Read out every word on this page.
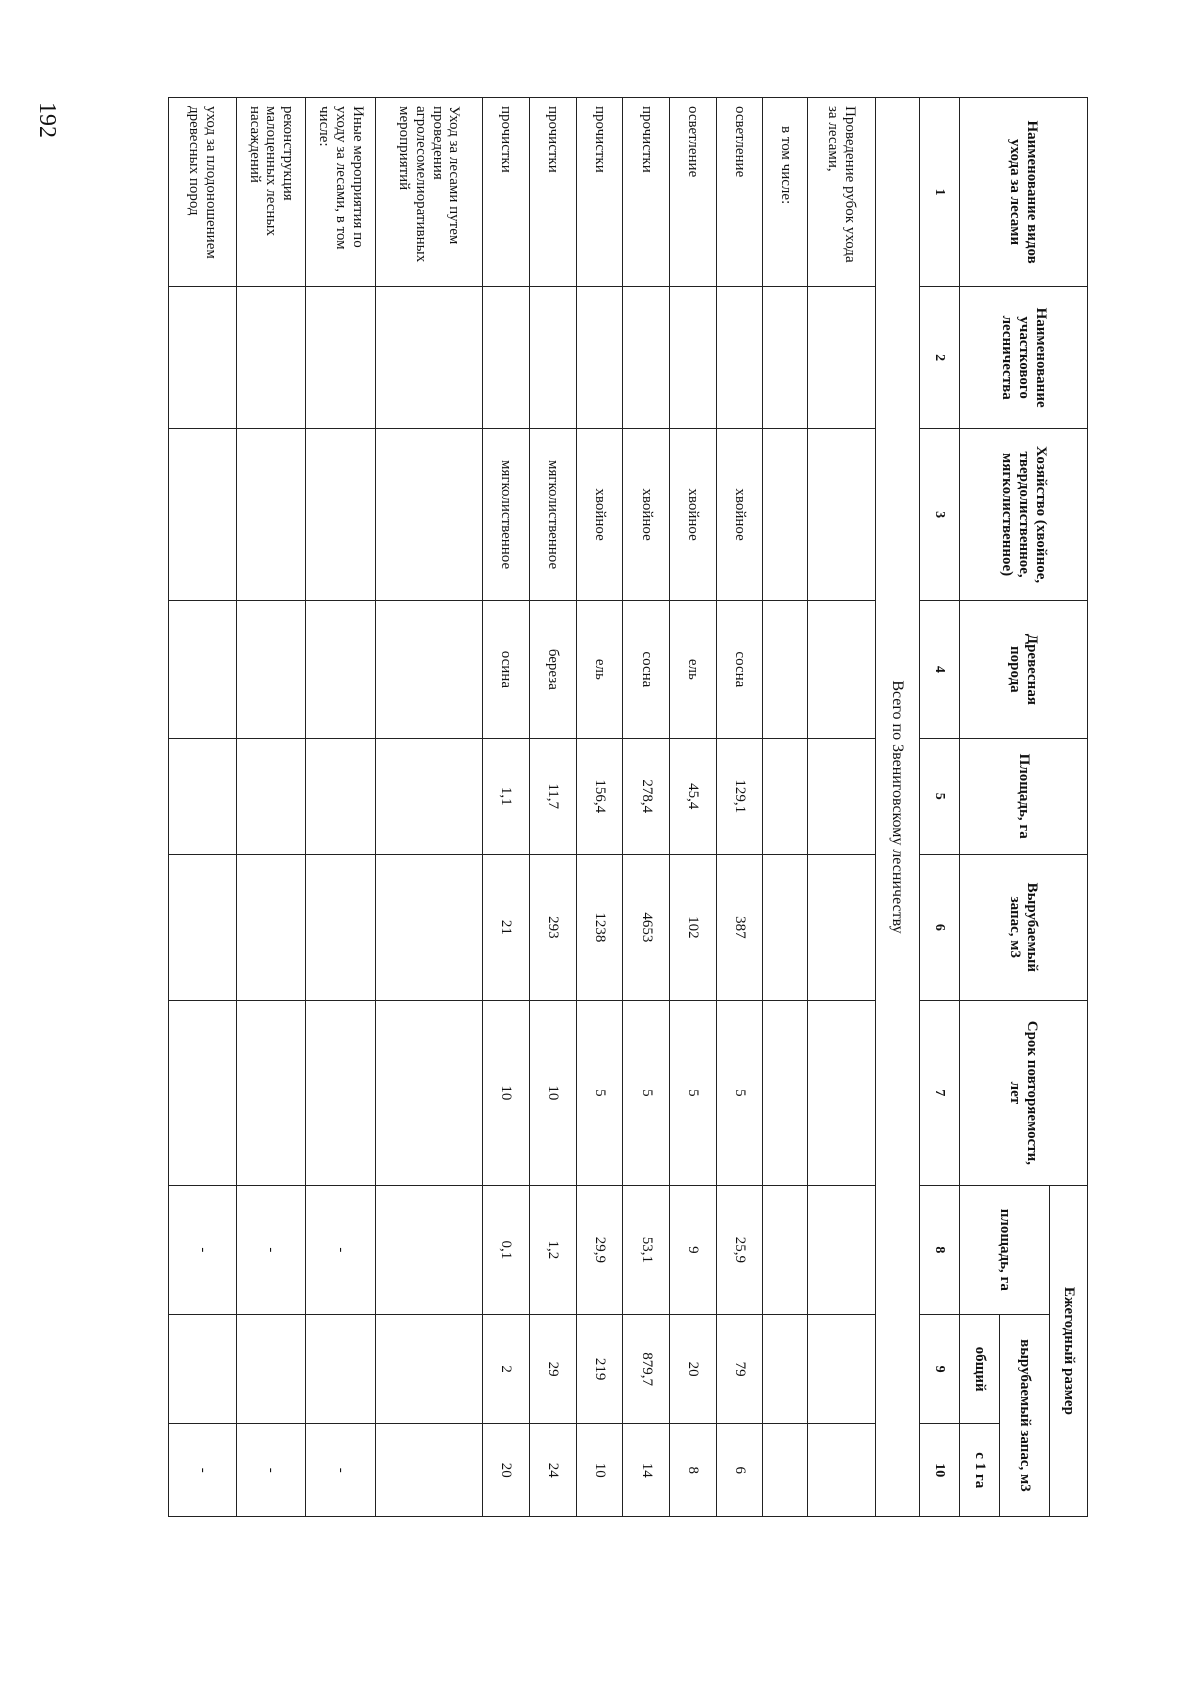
192
Наименование видов ухода за лесами	Наименование участкового лесничества	Хозяйство (хвойное, твердолиственное, мягколиственное)	Древесная порода	Площадь, га	Вырубаемый запас, м3	Срок повторяемости, лет	Ежегодный размер		
							площадь, га	вырубаемый запас, м3	
								общий	с 1 га
1	2	3	4	5	6	7	8	9	10
Всего по Звениговскому лесничеству									
Проведение рубок ухода за лесами,									
в том числе:									
осветление		хвойное	сосна	129,1	387	5	25,9	79	6
осветление		хвойное	ель	45,4	102	5	9	20	8
прочистки		хвойное	сосна	278,4	4653	5	53,1	879,7	14
прочистки		хвойное	ель	156,4	1238	5	29,9	219	10
прочистки		мягколиственное	береза	11,7	293	10	1,2	29	24
прочистки		мягколиственное	осина	1,1	21	10	0,1	2	20
Уход за лесами путем проведения агролесомелиоративных мероприятий									
Иные мероприятия по уходу за лесами, в том числе:							-		-
реконструкция малоценных лесных насаждений							-		-
уход за плодоношением древесных пород							-		-
